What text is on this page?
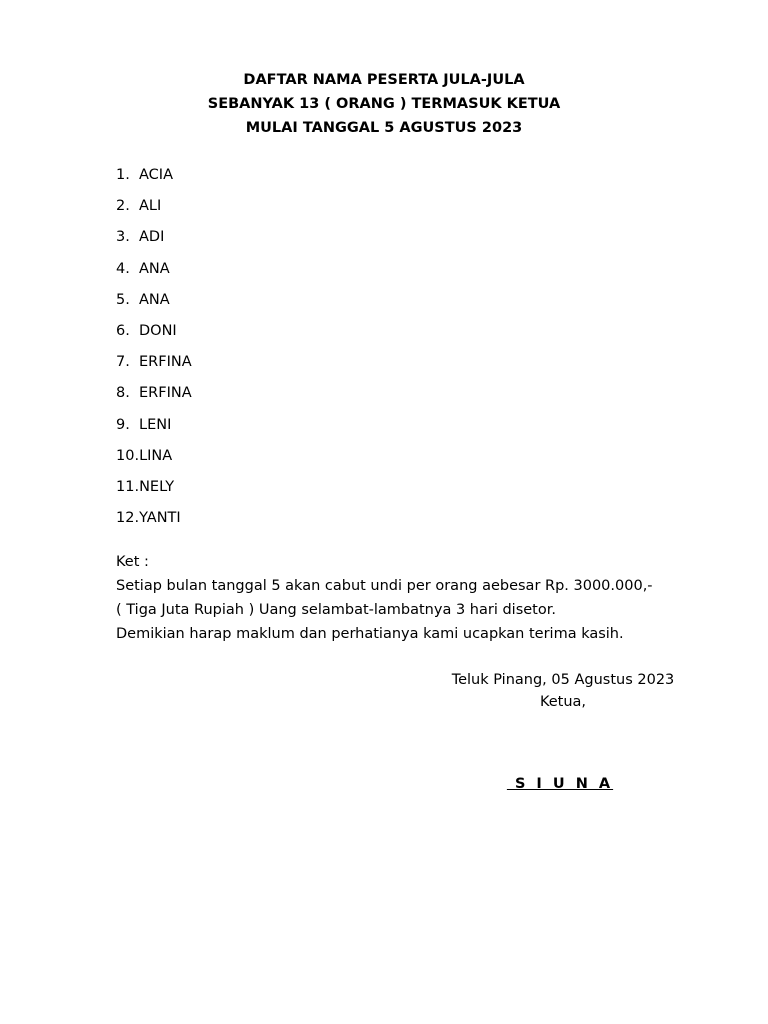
DAFTAR NAMA PESERTA JULA-JULA
SEBANYAK 13 ( ORANG ) TERMASUK KETUA
MULAI TANGGAL 5 AGUSTUS 2023
1. ACIA
2. ALI
3. ADI
4. ANA
5. ANA
6. DONI
7. ERFINA
8. ERFINA
9. LENI
10.LINA
11.NELY
12.YANTI
Ket :
Setiap bulan tanggal 5 akan cabut undi per orang aebesar Rp. 3000.000,-
( Tiga Juta Rupiah ) Uang selambat-lambatnya 3 hari disetor.
Demikian harap maklum dan perhatianya kami ucapkan terima kasih.
Teluk Pinang, 05 Agustus 2023
Ketua,
S I U N A
